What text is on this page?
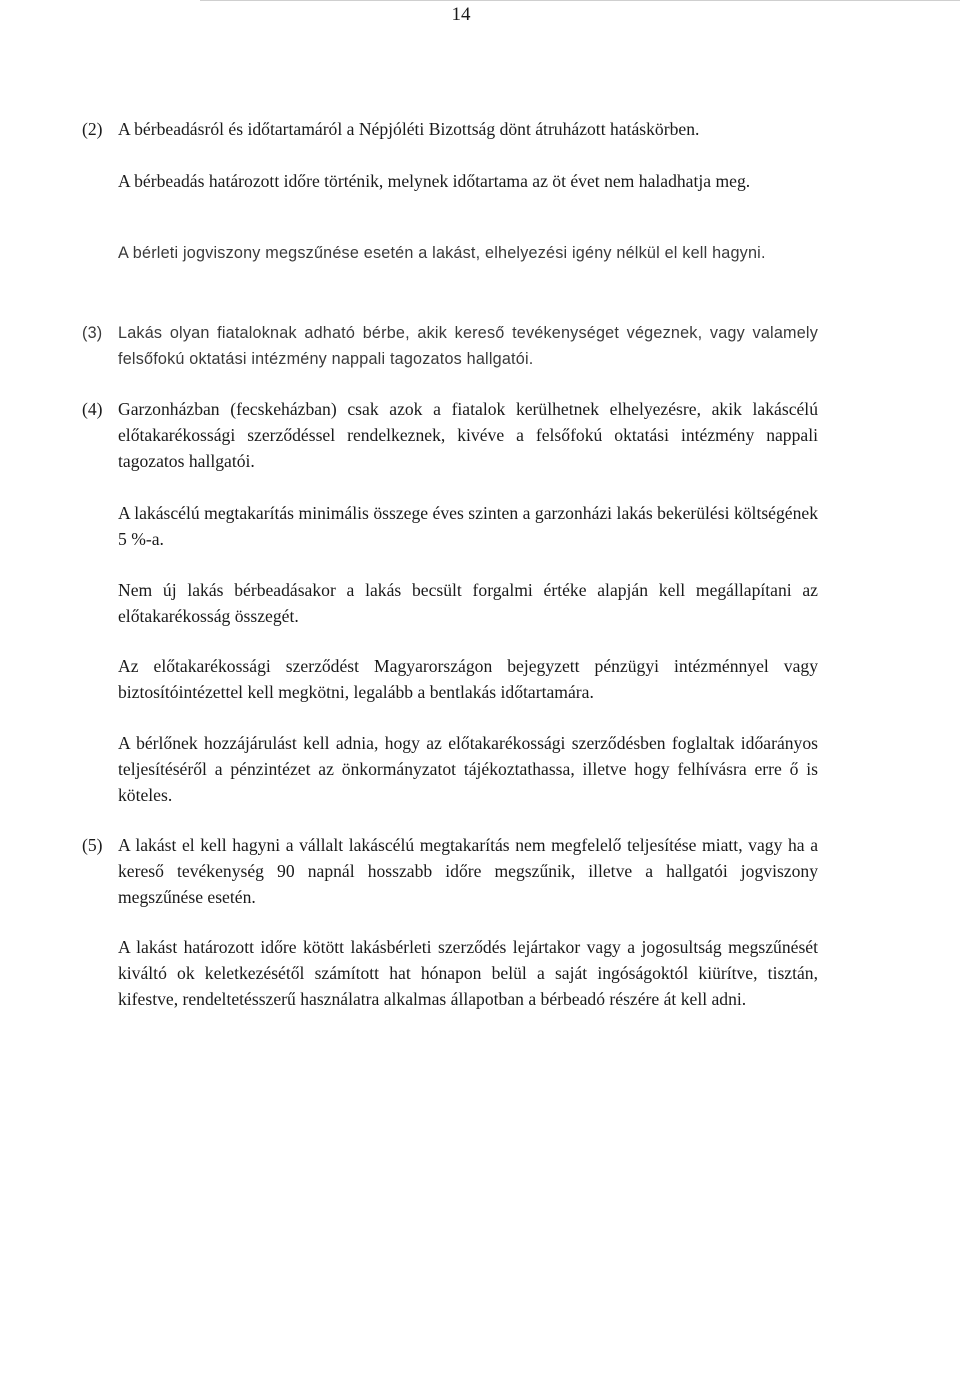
14

(2) A bérbeadásról és időtartamáról a Népjóléti Bizottság dönt átruházott hatáskörben.

A bérbeadás határozott időre történik, melynek időtartama az öt évet nem haladhatja meg.

A bérleti jogviszony megszűnése esetén a lakást, elhelyezési igény nélkül el kell hagyni.

(3) Lakás olyan fiataloknak adható bérbe, akik kereső tevékenységet végeznek, vagy valamely felsőfokú oktatási intézmény nappali tagozatos hallgatói.

(4) Garzonházban (fecskeházban) csak azok a fiatalok kerülhetnek elhelyezésre, akik lakáscélú előtakarékossági szerződéssel rendelkeznek, kivéve a felsőfokú oktatási intézmény nappali tagozatos hallgatói.

A lakáscélú megtakarítás minimális összege éves szinten a garzonházi lakás bekerülési költségének 5 %-a.

Nem új lakás bérbeadásakor a lakás becsült forgalmi értéke alapján kell megállapítani az előtakarékosság összegét.

Az előtakarékossági szerződést Magyarországon bejegyzett pénzügyi intézménnyel vagy biztosítóintézettel kell megkötni, legalább a bentlakás időtartamára.

A bérlőnek hozzájárulást kell adnia, hogy az előtakarékossági szerződésben foglaltak időarányos teljesítéséről a pénzintézet az önkormányzatot tájékoztathassa, illetve hogy felhívásra erre ő is köteles.

(5) A lakást el kell hagyni a vállalt lakáscélú megtakarítás nem megfelelő teljesítése miatt, vagy ha a kereső tevékenység 90 napnál hosszabb időre megszűnik, illetve a hallgatói jogviszony megszűnése esetén.

A lakást határozott időre kötött lakásbérleti szerződés lejártakor vagy a jogosultság megszűnését kiváltó ok keletkezésétől számított hat hónapon belül a saját ingóságoktól kiürítve, tisztán, kifestve, rendeltetésszerű használatra alkalmas állapotban a bérbeadó részére át kell adni.
